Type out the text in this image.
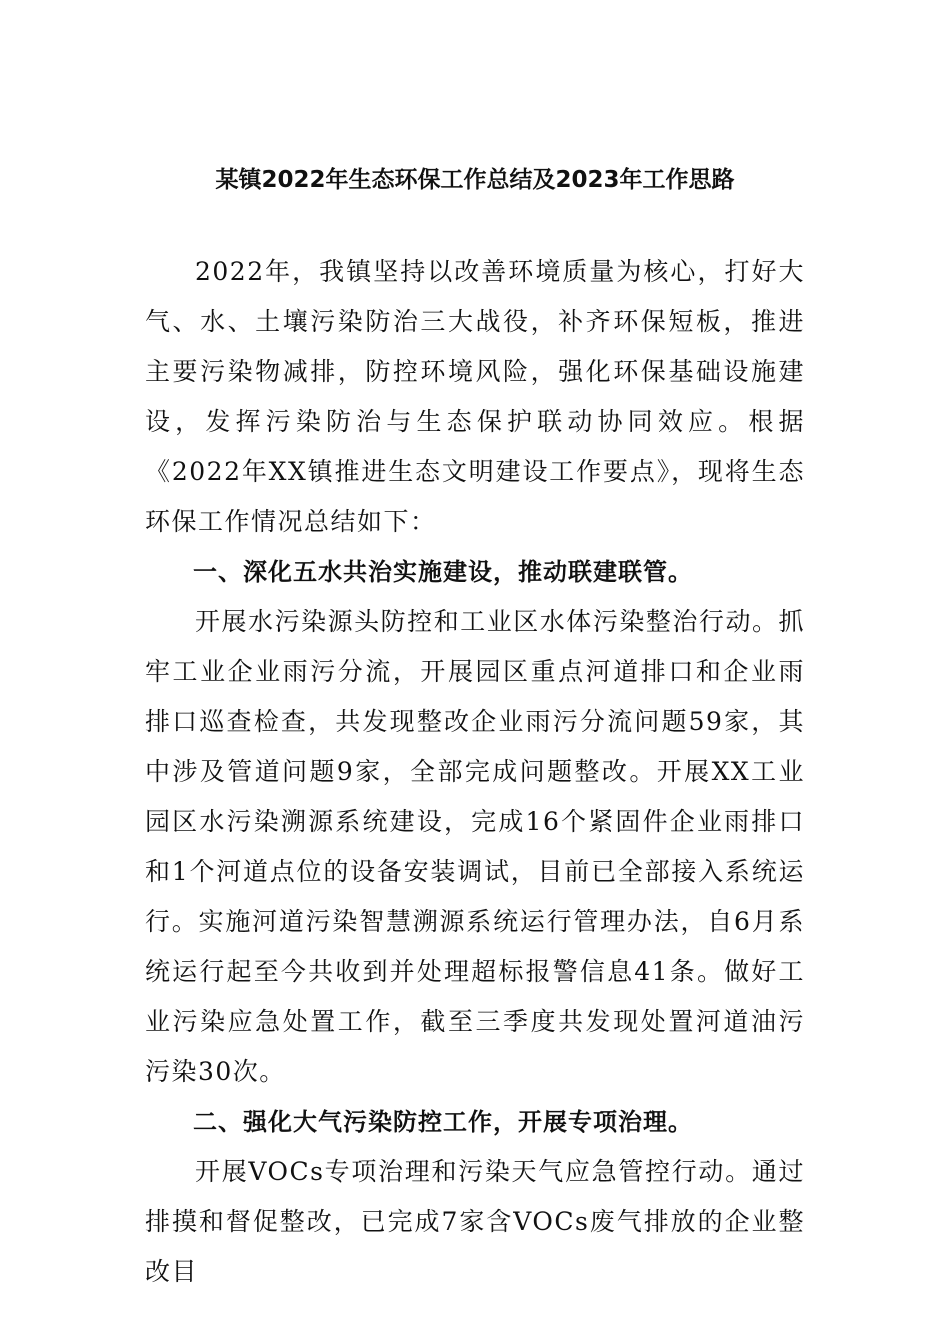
某镇2022年生态环保工作总结及2023年工作思路

2022年，我镇坚持以改善环境质量为核心，打好大气、水、土壤污染防治三大战役，补齐环保短板，推进主要污染物减排，防控环境风险，强化环保基础设施建设，发挥污染防治与生态保护联动协同效应。根据《2022年XX镇推进生态文明建设工作要点》，现将生态环保工作情况总结如下：

一、深化五水共治实施建设，推动联建联管。

开展水污染源头防控和工业区水体污染整治行动。抓牢工业企业雨污分流，开展园区重点河道排口和企业雨排口巡查检查，共发现整改企业雨污分流问题59家，其中涉及管道问题9家，全部完成问题整改。开展XX工业园区水污染溯源系统建设，完成16个紧固件企业雨排口和1个河道点位的设备安装调试，目前已全部接入系统运行。实施河道污染智慧溯源系统运行管理办法，自6月系统运行起至今共收到并处理超标报警信息41条。做好工业污染应急处置工作，截至三季度共发现处置河道油污污染30次。

二、强化大气污染防控工作，开展专项治理。

开展VOCs专项治理和污染天气应急管控行动。通过排摸和督促整改，已完成7家含VOCs废气排放的企业整改目
